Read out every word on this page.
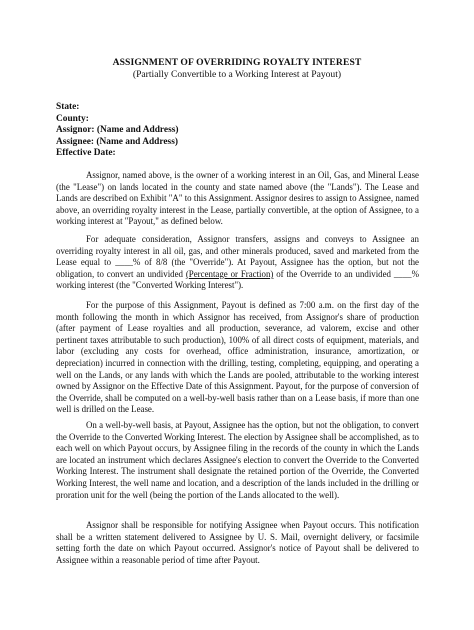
ASSIGNMENT OF OVERRIDING ROYALTY INTEREST
(Partially Convertible to a Working Interest at Payout)
State:
County:
Assignor: (Name and Address)
Assignee: (Name and Address)
Effective Date:
Assignor, named above, is the owner of a working interest in an Oil, Gas, and Mineral Lease (the "Lease") on lands located in the county and state named above (the "Lands"). The Lease and Lands are described on Exhibit "A" to this Assignment. Assignor desires to assign to Assignee, named above, an overriding royalty interest in the Lease, partially convertible, at the option of Assignee, to a working interest at "Payout," as defined below.
For adequate consideration, Assignor transfers, assigns and conveys to Assignee an overriding royalty interest in all oil, gas, and other minerals produced, saved and marketed from the Lease equal to ____% of 8/8 (the "Override"). At Payout, Assignee has the option, but not the obligation, to convert an undivided (Percentage or Fraction) of the Override to an undivided ____% working interest (the "Converted Working Interest").
For the purpose of this Assignment, Payout is defined as 7:00 a.m. on the first day of the month following the month in which Assignor has received, from Assignor's share of production (after payment of Lease royalties and all production, severance, ad valorem, excise and other pertinent taxes attributable to such production), 100% of all direct costs of equipment, materials, and labor (excluding any costs for overhead, office administration, insurance, amortization, or depreciation) incurred in connection with the drilling, testing, completing, equipping, and operating a well on the Lands, or any lands with which the Lands are pooled, attributable to the working interest owned by Assignor on the Effective Date of this Assignment. Payout, for the purpose of conversion of the Override, shall be computed on a well-by-well basis rather than on a Lease basis, if more than one well is drilled on the Lease.
On a well-by-well basis, at Payout, Assignee has the option, but not the obligation, to convert the Override to the Converted Working Interest. The election by Assignee shall be accomplished, as to each well on which Payout occurs, by Assignee filing in the records of the county in which the Lands are located an instrument which declares Assignee's election to convert the Override to the Converted Working Interest. The instrument shall designate the retained portion of the Override, the Converted Working Interest, the well name and location, and a description of the lands included in the drilling or proration unit for the well (being the portion of the Lands allocated to the well).
Assignor shall be responsible for notifying Assignee when Payout occurs. This notification shall be a written statement delivered to Assignee by U. S. Mail, overnight delivery, or facsimile setting forth the date on which Payout occurred. Assignor's notice of Payout shall be delivered to Assignee within a reasonable period of time after Payout.
